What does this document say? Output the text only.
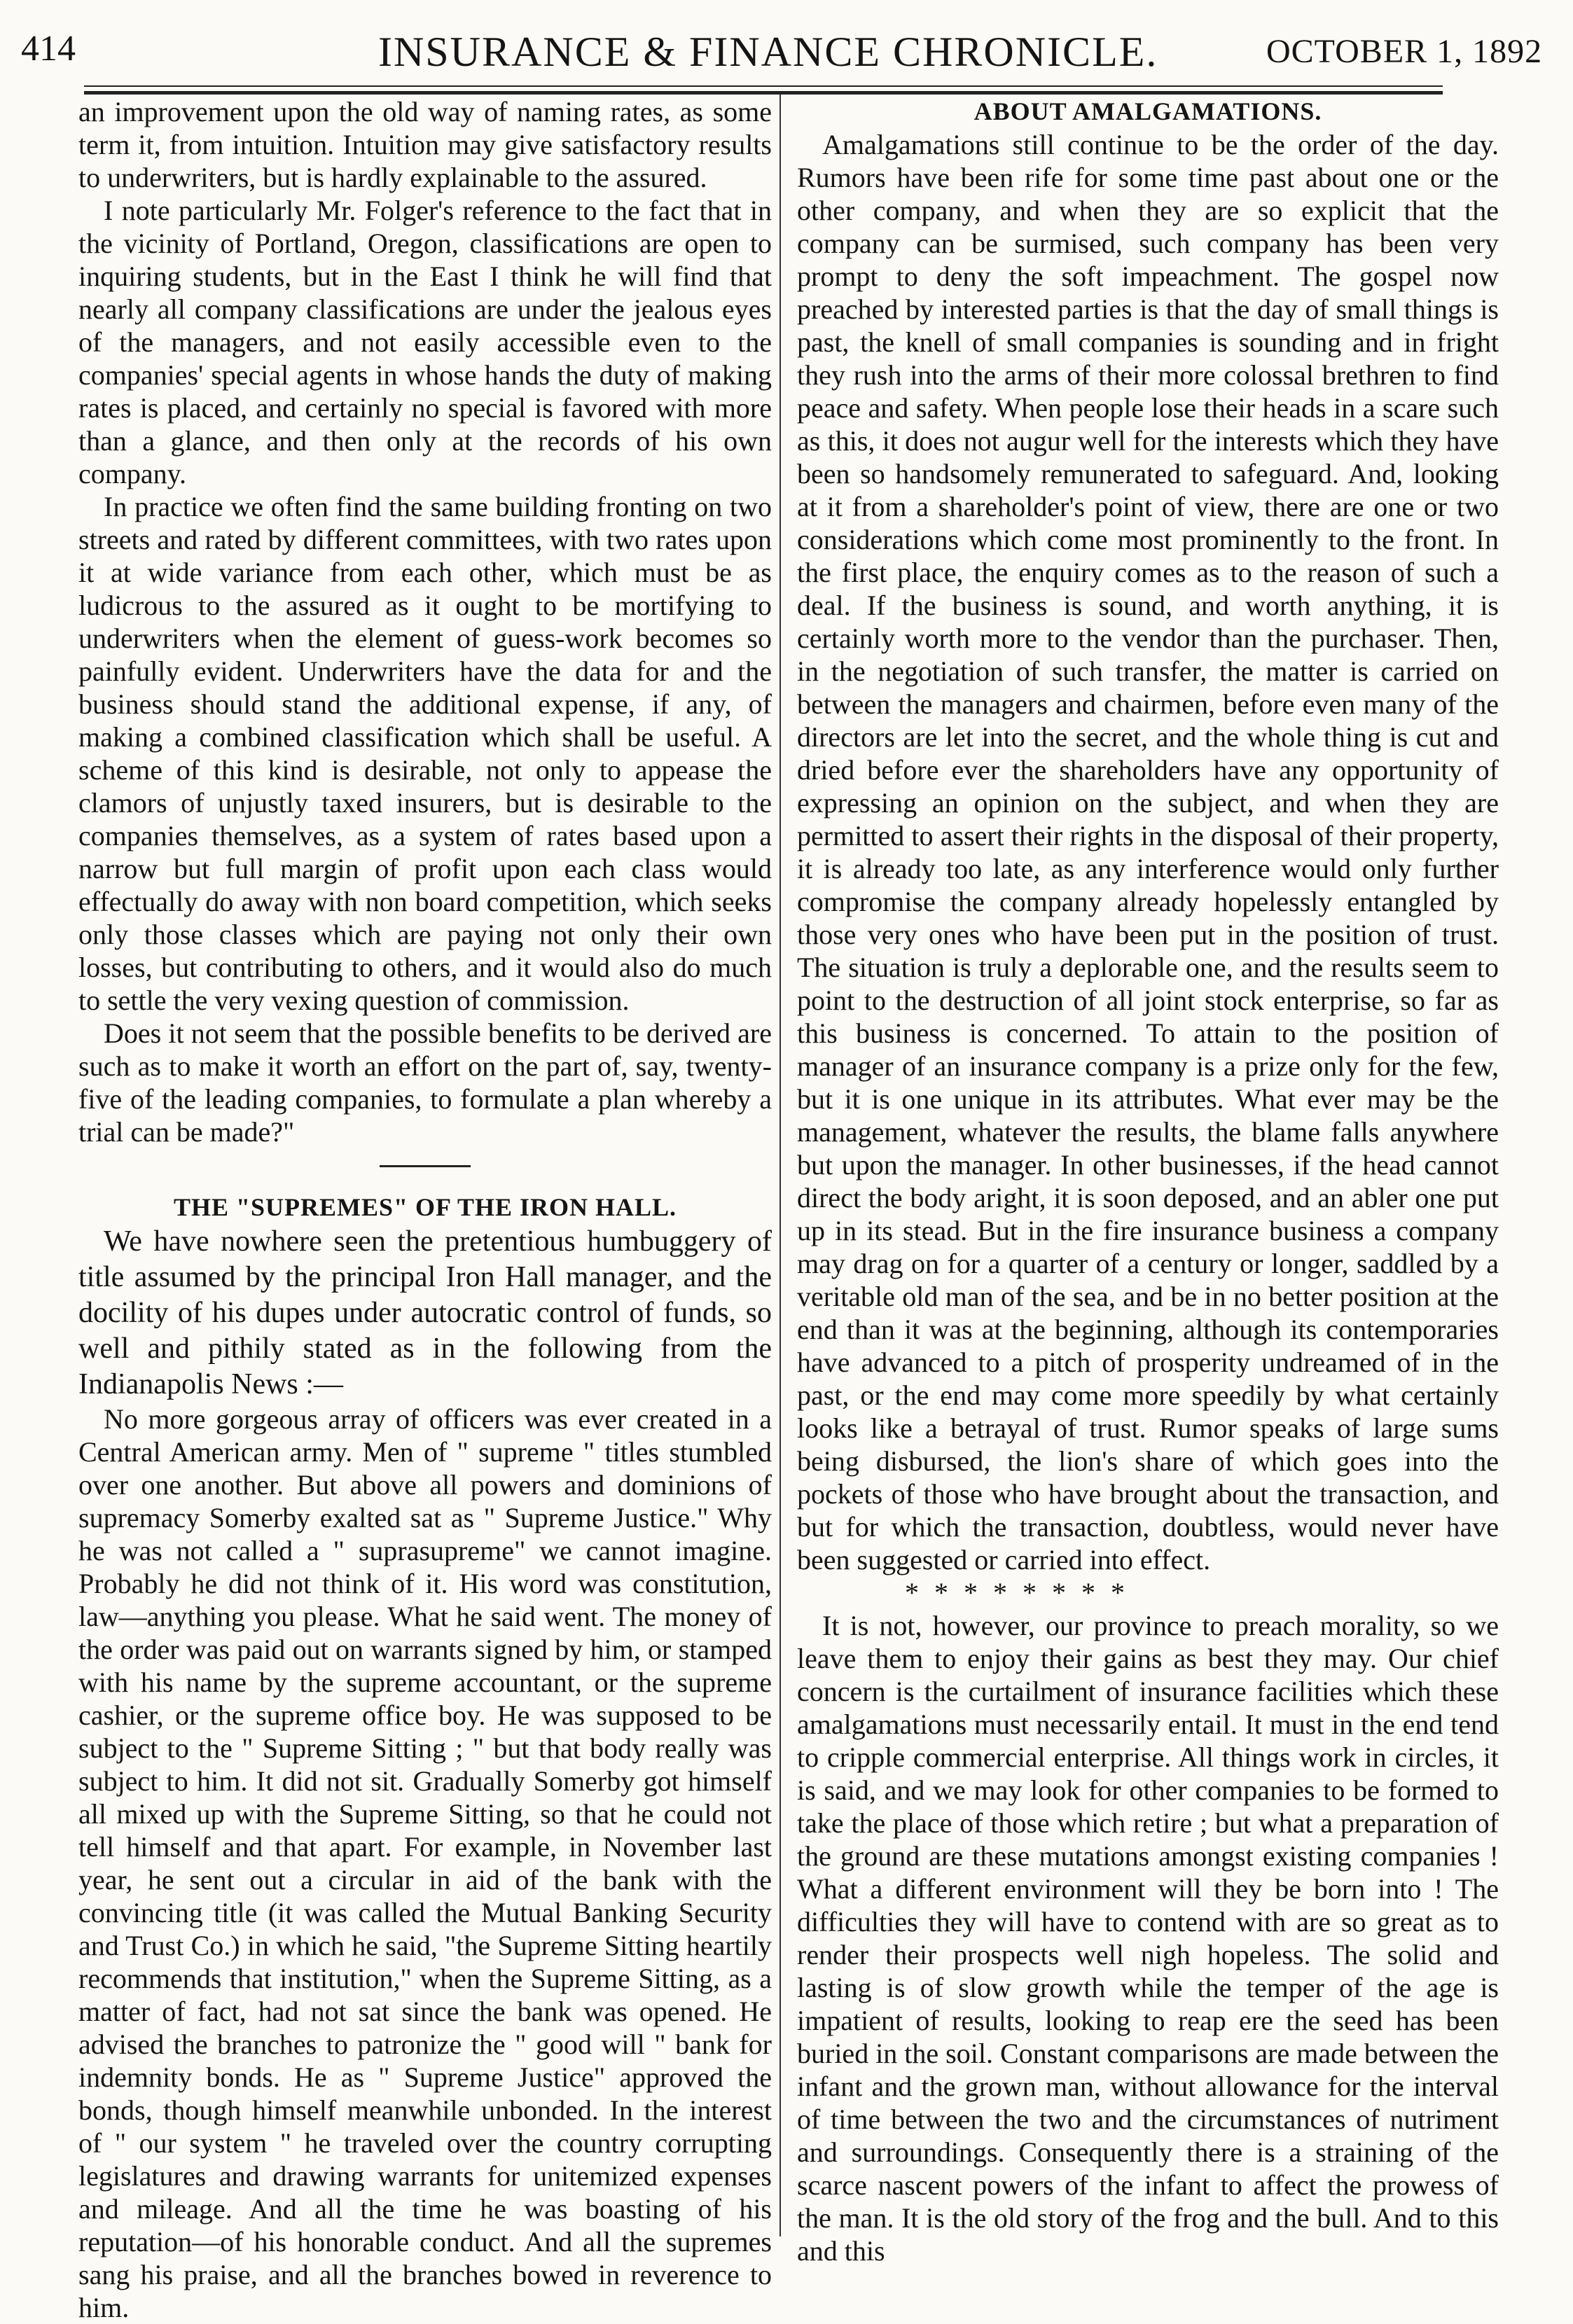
414	INSURANCE & FINANCE CHRONICLE.	OCTOBER 1, 1892

an improvement upon the old way of naming rates, as some term it, from intuition. Intuition may give satisfactory results to underwriters, but is hardly explainable to the assured.

I note particularly Mr. Folger's reference to the fact that in the vicinity of Portland, Oregon, classifications are open to inquiring students, but in the East I think he will find that nearly all company classifications are under the jealous eyes of the managers, and not easily accessible even to the companies' special agents in whose hands the duty of making rates is placed, and certainly no special is favored with more than a glance, and then only at the records of his own company.

In practice we often find the same building fronting on two streets and rated by different committees, with two rates upon it at wide variance from each other, which must be as ludicrous to the assured as it ought to be mortifying to underwriters when the element of guess-work becomes so painfully evident. Underwriters have the data for and the business should stand the additional expense, if any, of making a combined classification which shall be useful. A scheme of this kind is desirable, not only to appease the clamors of unjustly taxed insurers, but is desirable to the companies themselves, as a system of rates based upon a narrow but full margin of profit upon each class would effectually do away with non board competition, which seeks only those classes which are paying not only their own losses, but contributing to others, and it would also do much to settle the very vexing question of commission.

Does it not seem that the possible benefits to be derived are such as to make it worth an effort on the part of, say, twenty-five of the leading companies, to formulate a plan whereby a trial can be made?"

THE "SUPREMES" OF THE IRON HALL.

We have nowhere seen the pretentious humbuggery of title assumed by the principal Iron Hall manager, and the docility of his dupes under autocratic control of funds, so well and pithily stated as in the following from the Indianapolis News :—

No more gorgeous array of officers was ever created in a Central American army. Men of " supreme " titles stumbled over one another. But above all powers and dominions of supremacy Somerby exalted sat as " Supreme Justice." Why he was not called a " suprasupreme" we cannot imagine. Probably he did not think of it. His word was constitution, law—anything you please. What he said went. The money of the order was paid out on warrants signed by him, or stamped with his name by the supreme accountant, or the supreme cashier, or the supreme office boy. He was supposed to be subject to the " Supreme Sitting ; " but that body really was subject to him. It did not sit. Gradually Somerby got himself all mixed up with the Supreme Sitting, so that he could not tell himself and that apart. For example, in November last year, he sent out a circular in aid of the bank with the convincing title (it was called the Mutual Banking Security and Trust Co.) in which he said, "the Supreme Sitting heartily recommends that institution," when the Supreme Sitting, as a matter of fact, had not sat since the bank was opened. He advised the branches to patronize the " good will " bank for indemnity bonds. He as " Supreme Justice" approved the bonds, though himself meanwhile unbonded. In the interest of " our system " he traveled over the country corrupting legislatures and drawing warrants for unitemized expenses and mileage. And all the time he was boasting of his reputation—of his honorable conduct. And all the supremes sang his praise, and all the branches bowed in reverence to him.

ABOUT AMALGAMATIONS.

Amalgamations still continue to be the order of the day. Rumors have been rife for some time past about one or the other company, and when they are so explicit that the company can be surmised, such company has been very prompt to deny the soft impeachment. The gospel now preached by interested parties is that the day of small things is past, the knell of small companies is sounding and in fright they rush into the arms of their more colossal brethren to find peace and safety. When people lose their heads in a scare such as this, it does not augur well for the interests which they have been so handsomely remunerated to safeguard. And, looking at it from a shareholder's point of view, there are one or two considerations which come most prominently to the front. In the first place, the enquiry comes as to the reason of such a deal. If the business is sound, and worth anything, it is certainly worth more to the vendor than the purchaser. Then, in the negotiation of such transfer, the matter is carried on between the managers and chairmen, before even many of the directors are let into the secret, and the whole thing is cut and dried before ever the shareholders have any opportunity of expressing an opinion on the subject, and when they are permitted to assert their rights in the disposal of their property, it is already too late, as any interference would only further compromise the company already hopelessly entangled by those very ones who have been put in the position of trust. The situation is truly a deplorable one, and the results seem to point to the destruction of all joint stock enterprise, so far as this business is concerned. To attain to the position of manager of an insurance company is a prize only for the few, but it is one unique in its attributes. What ever may be the management, whatever the results, the blame falls anywhere but upon the manager. In other businesses, if the head cannot direct the body aright, it is soon deposed, and an abler one put up in its stead. But in the fire insurance business a company may drag on for a quarter of a century or longer, saddled by a veritable old man of the sea, and be in no better position at the end than it was at the beginning, although its contemporaries have advanced to a pitch of prosperity undreamed of in the past, or the end may come more speedily by what certainly looks like a betrayal of trust. Rumor speaks of large sums being disbursed, the lion's share of which goes into the pockets of those who have brought about the transaction, and but for which the transaction, doubtless, would never have been suggested or carried into effect.

* * * * * * * *

It is not, however, our province to preach morality, so we leave them to enjoy their gains as best they may. Our chief concern is the curtailment of insurance facilities which these amalgamations must necessarily entail. It must in the end tend to cripple commercial enterprise. All things work in circles, it is said, and we may look for other companies to be formed to take the place of those which retire ; but what a preparation of the ground are these mutations amongst existing companies ! What a different environment will they be born into ! The difficulties they will have to contend with are so great as to render their prospects well nigh hopeless. The solid and lasting is of slow growth while the temper of the age is impatient of results, looking to reap ere the seed has been buried in the soil. Constant comparisons are made between the infant and the grown man, without allowance for the interval of time between the two and the circumstances of nutriment and surroundings. Consequently there is a straining of the scarce nascent powers of the infant to affect the prowess of the man. It is the old story of the frog and the bull. And to this and this
